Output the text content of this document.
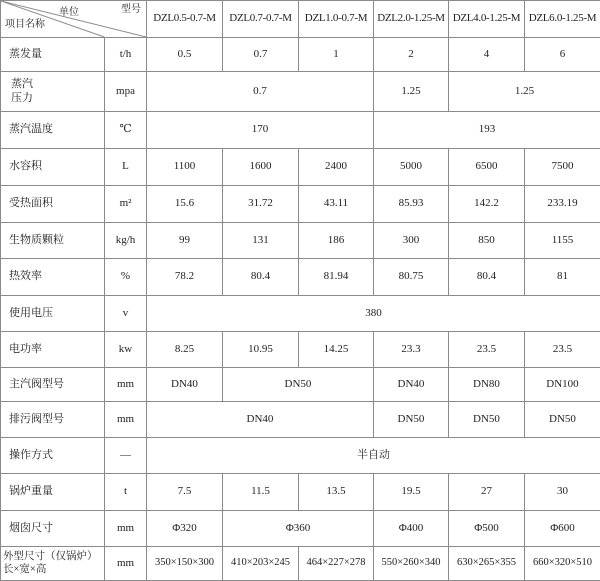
型号
单位
项目名称		DZL0.5-0.7-M	DZL0.7-0.7-M	DZL1.0-0.7-M	DZL2.0-1.25-M	DZL4.0-1.25-M	DZL6.0-1.25-M
蒸发量	t/h	0.5	0.7	1	2	4	6
蒸汽
压力	mpa	0.7			1.25	1.25	
蒸汽温度	℃	170			193		
水容积	L	1100	1600	2400	5000	6500	7500
受热面积	m²	15.6	31.72	43.11	85.93	142.2	233.19
生物质颗粒	kg/h	99	131	186	300	850	1155
热效率	%	78.2	80.4	81.94	80.75	80.4	81
使用电压	v	380					
电功率	kw	8.25	10.95	14.25	23.3	23.5	23.5
主汽阀型号	mm	DN40	DN50		DN40	DN80	DN100
排污阀型号	mm	DN40			DN50	DN50	DN50
操作方式	—	半自动					
锅炉重量	t	7.5	11.5	13.5	19.5	27	30
烟囱尺寸	mm	Φ320	Φ360		Φ400	Φ500	Φ600
外型尺寸（仅锅炉）
长×宽×高	mm	350×150×300	410×203×245	464×227×278	550×260×340	630×265×355	660×320×510
